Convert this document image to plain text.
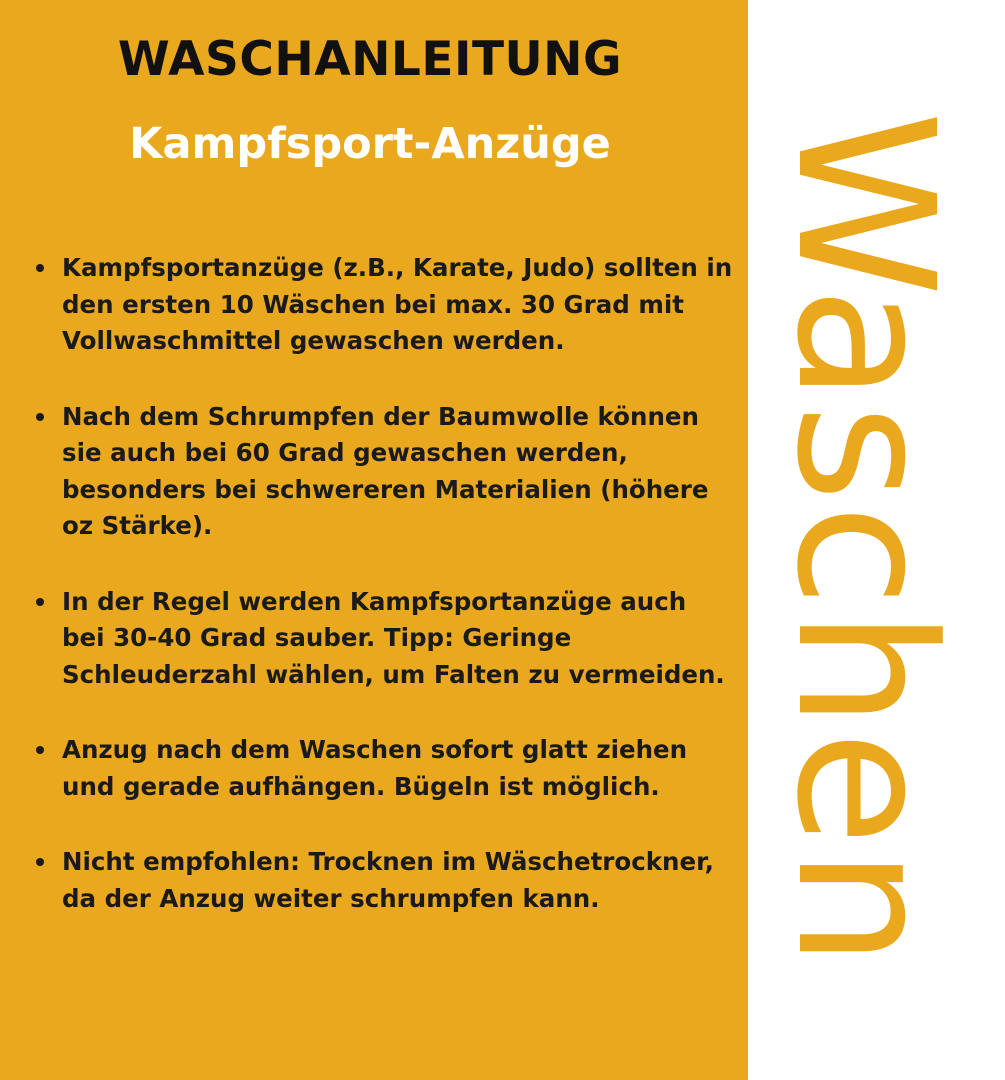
WASCHANLEITUNG
Kampfsport-Anzüge
Kampfsportanzüge (z.B., Karate, Judo) sollten in den ersten 10 Wäschen bei max. 30 Grad mit Vollwaschmittel gewaschen werden.
Nach dem Schrumpfen der Baumwolle können sie auch bei 60 Grad gewaschen werden, besonders bei schwereren Materialien (höhere oz Stärke).
In der Regel werden Kampfsportanzüge auch bei 30-40 Grad sauber. Tipp: Geringe Schleuderzahl wählen, um Falten zu vermeiden.
Anzug nach dem Waschen sofort glatt ziehen und gerade aufhängen. Bügeln ist möglich.
Nicht empfohlen: Trocknen im Wäschetrockner, da der Anzug weiter schrumpfen kann. Waschen
